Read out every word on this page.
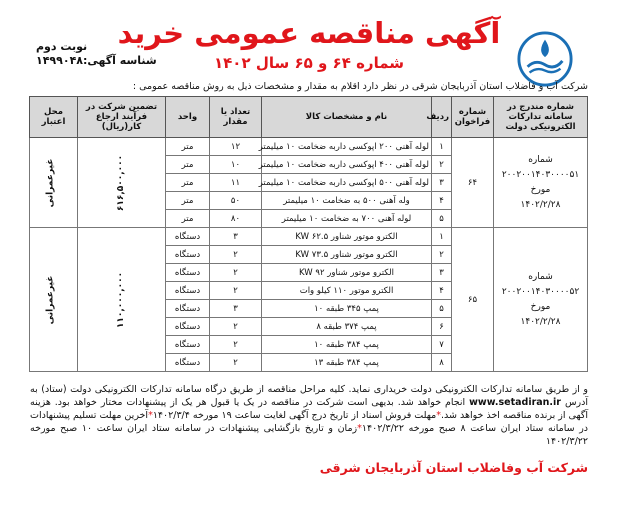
آگهی مناقصه عمومی خرید
شماره ۶۴ و ۶۵ سال ۱۴۰۲
نوبت دوم
شناسه آگهی:۱۴۹۹۰۴۸
شرکت آب و فاضلاب استان آذربایجان شرقی در نظر دارد اقلام به مقدار و مشخصات ذیل به روش مناقصه عمومی :
شماره مندرج در سامانه تدارکات الکترونیکی دولت	شماره فراخوان	ردیف	نام و مشخصات کالا	تعداد یا مقدار	واحد	تضمین شرکت در فرآیند ارجاع کار(ریال)	محل اعتبار

شماره
۲۰۰۲۰۰۱۴۰۳۰۰۰۰۵۱
مورخ
۱۴۰۲/۲/۲۸	۶۴	۱	لوله آهنی ۲۰۰ اپوکسی داربه ضخامت ۱۰ میلیمتر	۱۲	متر	۶۱۶,۵۰۰,۰۰۰	غیرعمرانی
		۲	لوله آهنی ۴۰۰ اپوکسی داربه ضخامت ۱۰ میلیمتر	۱۰	متر		
		۳	لوله آهنی ۵۰۰ اپوکسی داربه ضخامت ۱۰ میلیمتر	۱۱	متر		
		۴	وله آهنی ۵۰۰ به ضخامت ۱۰ میلیمتر	۵۰	متر		
		۵	لوله آهنی ۷۰۰ به ضخامت ۱۰ میلیمتر	۸۰	متر		

شماره
۲۰۰۲۰۰۱۴۰۳۰۰۰۰۵۲
مورخ
۱۴۰۲/۲/۲۸	۶۵	۱	الکترو موتور شناور KW ۶۲.۵	۳	دستگاه	۱۱۰,۰۰۰,۰۰۰	غیرعمرانی
		۲	الکترو موتور شناور KW ۷۳.۵	۲	دستگاه		
		۳	الکترو موتور شناور KW ۹۲	۲	دستگاه		
		۴	الکترو موتور ۱۱۰ کیلو وات	۲	دستگاه		
		۵	پمپ ۳۴۵ طبقه ۱۰	۳	دستگاه		
		۶	پمپ ۳۷۴ طبقه ۸	۲	دستگاه		
		۷	پمپ ۳۸۴ طبقه ۱۰	۲	دستگاه		
		۸	پمپ ۳۸۴ طبقه ۱۳	۲	دستگاه		
و از طریق سامانه تدارکات الکترونیکی دولت خریداری نماید. کلیه مراحل مناقصه از طریق درگاه سامانه تدارکات الکترونیکی دولت (ستاد) به آدرس www.setadiran.ir انجام خواهد شد. بدیهی است شرکت در مناقصه در یک یا قبول هر یک از پیشنهادات مختار خواهد بود. هزینه آگهی از برنده مناقصه اخذ خواهد شد.*مهلت فروش اسناد از تاریخ درج آگهی لغایت ساعت ۱۹ مورخه ۱۴۰۲/۳/۴*آخرین مهلت تسلیم پیشنهادات در سامانه ستاد ایران ساعت ۸ صبح مورخه ۱۴۰۲/۳/۲۲*زمان و تاریخ بازگشایی پیشنهادات در سامانه ستاد ایران ساعت ۱۰ صبح مورخه ۱۴۰۲/۳/۲۲
شرکت آب وفاضلاب استان آذربایجان شرقی
